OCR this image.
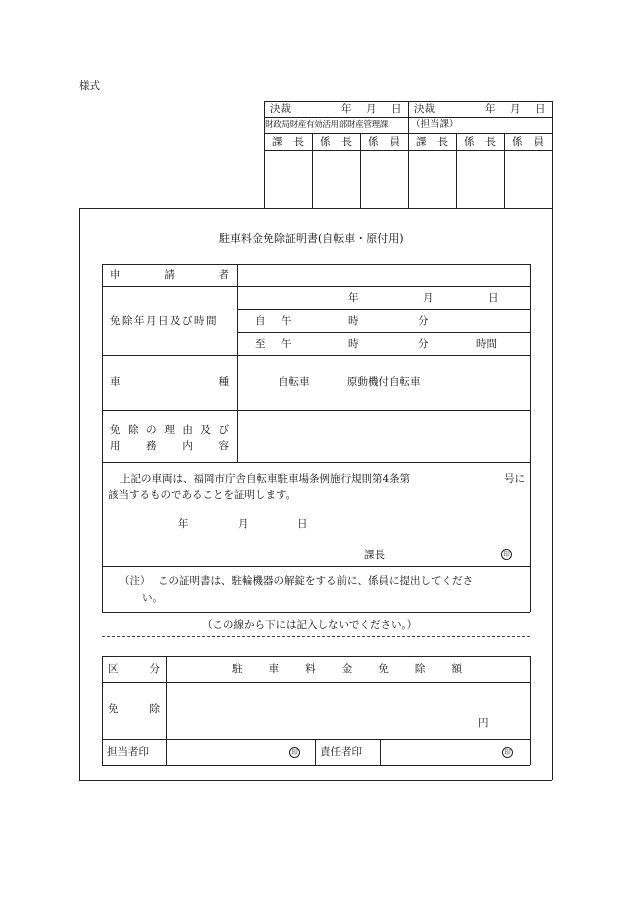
様式
決裁	年 月 日 決裁	年 月 日
財政局財産有効活用部財産管理課 （担当課）
課 長 係 長 係 員 課 長 係 長 係 員
駐車料金免除証明書(自転車・原付用)
申	請	者
免除年月日及び時間
年	月	日
自 午	時	分
至 午	時	分	時間
車	種	自転車	原動機付自転車
免 除 の 理 由 及 び
用 務 内 容
上記の車両は、福岡市庁舎自転車駐車場条例施行規則第4条第	号に
該当するものであることを証明します。
年	月	日
課長	印
（注） この証明書は、駐輪機器の解錠をする前に、係員に提出してくださ
い。
（この線から下には記入しないでください。）
区	分	駐 車 料 金 免 除 額
免	除
円
担当者印	印 責任者印	印
